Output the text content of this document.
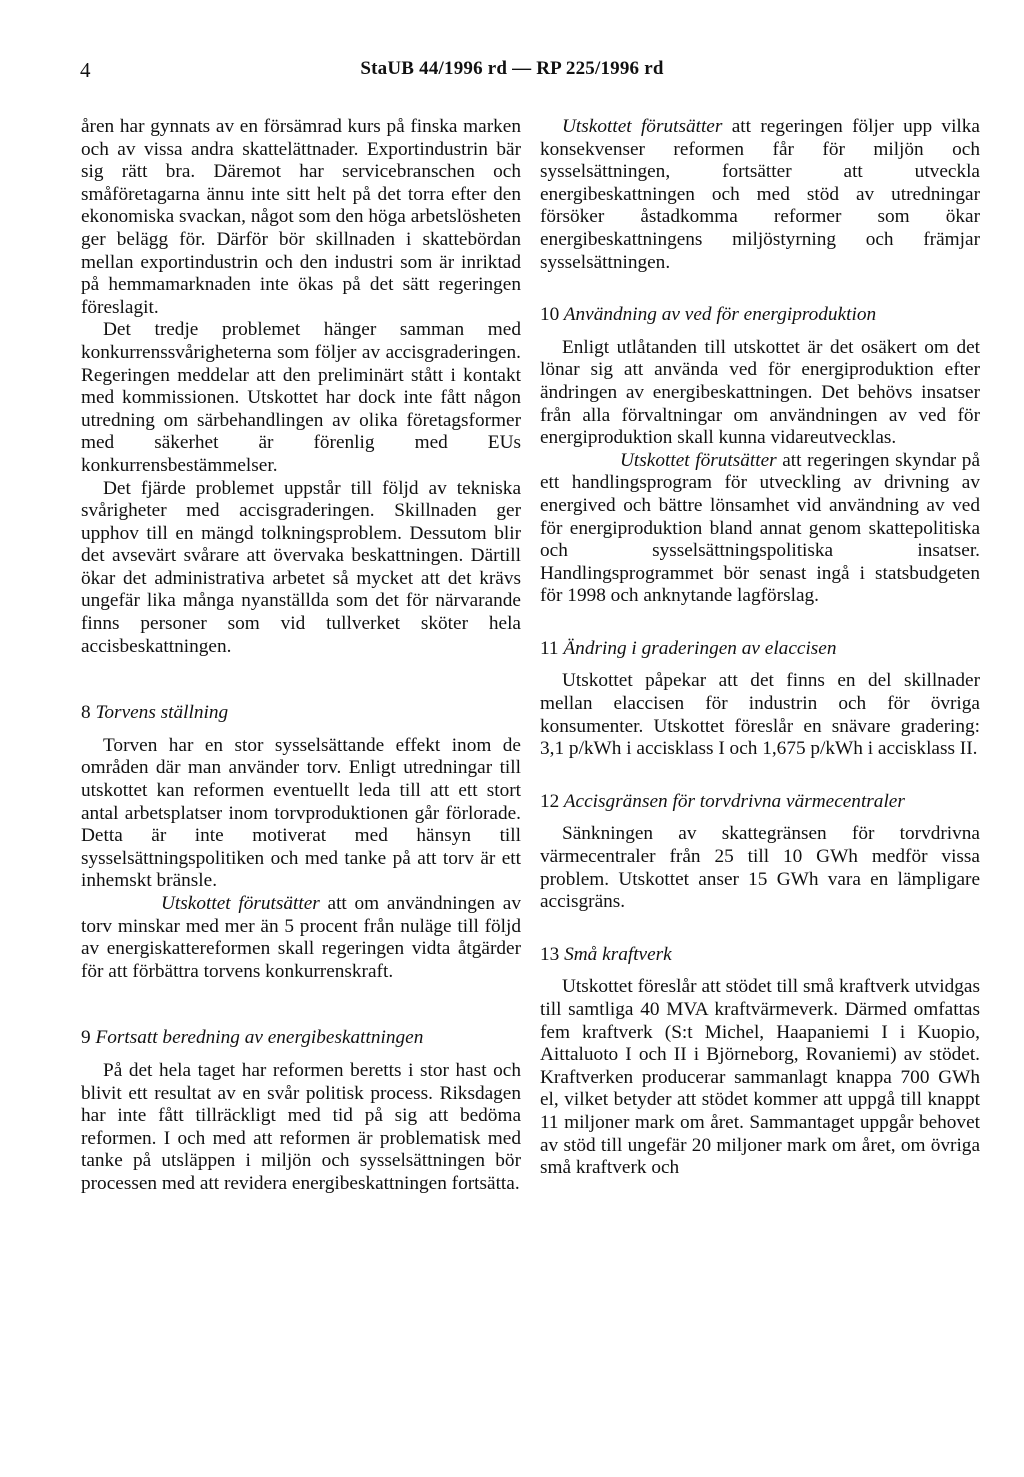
4	StaUB 44/1996 rd — RP 225/1996 rd

åren har gynnats av en försämrad kurs på finska marken och av vissa andra skattelättnader. Exportindustrin bär sig rätt bra. Däremot har servicebranschen och småföretagarna ännu inte sitt helt på det torra efter den ekonomiska svackan, något som den höga arbetslösheten ger belägg för. Därför bör skillnaden i skattebördan mellan exportindustrin och den industri som är inriktad på hemmamarknaden inte ökas på det sätt regeringen föreslagit.

Det tredje problemet hänger samman med konkurrenssvårigheterna som följer av accisgraderingen. Regeringen meddelar att den preliminärt stått i kontakt med kommissionen. Utskottet har dock inte fått någon utredning om särbehandlingen av olika företagsformer med säkerhet är förenlig med EUs konkurrensbestämmelser.

Det fjärde problemet uppstår till följd av tekniska svårigheter med accisgraderingen. Skillnaden ger upphov till en mängd tolkningsproblem. Dessutom blir det avsevärt svårare att övervaka beskattningen. Därtill ökar det administrativa arbetet så mycket att det krävs ungefär lika många nyanställda som det för närvarande finns personer som vid tullverket sköter hela accisbeskattningen.

8 Torvens ställning

Torven har en stor sysselsättande effekt inom de områden där man använder torv. Enligt utredningar till utskottet kan reformen eventuellt leda till att ett stort antal arbetsplatser inom torvproduktionen går förlorade. Detta är inte motiverat med hänsyn till sysselsättningspolitiken och med tanke på att torv är ett inhemskt bränsle.

Utskottet förutsätter att om användningen av torv minskar med mer än 5 procent från nuläge till följd av energiskattereformen skall regeringen vidta åtgärder för att förbättra torvens konkurrenskraft.

9 Fortsatt beredning av energibeskattningen

På det hela taget har reformen beretts i stor hast och blivit ett resultat av en svår politisk process. Riksdagen har inte fått tillräckligt med tid på sig att bedöma reformen. I och med att reformen är problematisk med tanke på utsläppen i miljön och sysselsättningen bör processen med att revidera energibeskattningen fortsätta.

Utskottet förutsätter att regeringen följer upp vilka konsekvenser reformen får för miljön och sysselsättningen, fortsätter att utveckla energibeskattningen och med stöd av utredningar försöker åstadkomma reformer som ökar energibeskattningens miljöstyrning och främjar sysselsättningen.

10 Användning av ved för energiproduktion

Enligt utlåtanden till utskottet är det osäkert om det lönar sig att använda ved för energiproduktion efter ändringen av energibeskattningen. Det behövs insatser från alla förvaltningar om användningen av ved för energiproduktion skall kunna vidareutvecklas.

Utskottet förutsätter att regeringen skyndar på ett handlingsprogram för utveckling av drivning av energived och bättre lönsamhet vid användning av ved för energiproduktion bland annat genom skattepolitiska och sysselsättningspolitiska insatser. Handlingsprogrammet bör senast ingå i statsbudgeten för 1998 och anknytande lagförslag.

11 Ändring i graderingen av elaccisen

Utskottet påpekar att det finns en del skillnader mellan elaccisen för industrin och för övriga konsumenter. Utskottet föreslår en snävare gradering: 3,1 p/kWh i accisklass I och 1,675 p/kWh i accisklass II.

12 Accisgränsen för torvdrivna värmecentraler

Sänkningen av skattegränsen för torvdrivna värmecentraler från 25 till 10 GWh medför vissa problem. Utskottet anser 15 GWh vara en lämpligare accisgräns.

13 Små kraftverk

Utskottet föreslår att stödet till små kraftverk utvidgas till samtliga 40 MVA kraftvärmeverk. Därmed omfattas fem kraftverk (S:t Michel, Haapaniemi I i Kuopio, Aittaluoto I och II i Björneborg, Rovaniemi) av stödet. Kraftverken producerar sammanlagt knappa 700 GWh el, vilket betyder att stödet kommer att uppgå till knappt 11 miljoner mark om året. Sammantaget uppgår behovet av stöd till ungefär 20 miljoner mark om året, om övriga små kraftverk och
